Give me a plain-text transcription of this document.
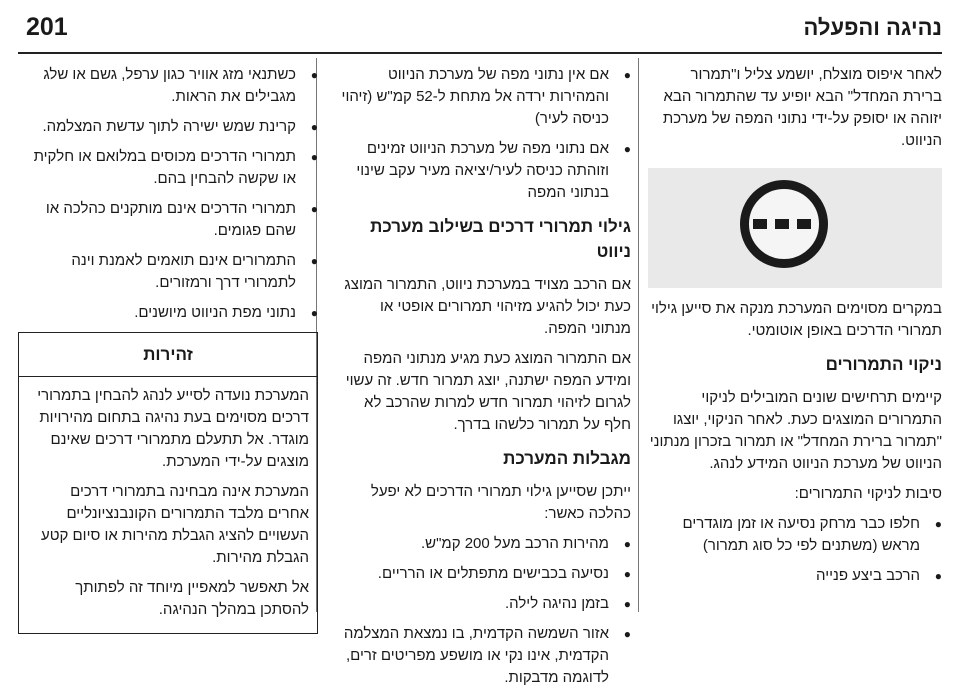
נהיגה והפעלה
201

לאחר איפוס מוצלח, יושמע צליל ו"תמרור ברירת המחדל" הבא יופיע עד שהתמרור הבא יזוהה או יסופק על-ידי נתוני המפה של מערכת הניווט.

במקרים מסוימים המערכת מנקה את סייען גילוי תמרורי הדרכים באופן אוטומטי.

ניקוי התמרורים

קיימים תרחישים שונים המובילים לניקוי התמרורים המוצגים כעת. לאחר הניקוי, יוצגו "תמרור ברירת המחדל" או תמרור בזכרון מנתוני הניווט של מערכת הניווט המידע לנהג.

סיבות לניקוי התמרורים:

● חלפו כבר מרחק נסיעה או זמן מוגדרים מראש (משתנים לפי כל סוג תמרור)
● הרכב ביצע פנייה
● אם אין נתוני מפה של מערכת הניווט והמהירות ירדה אל מתחת ל-52 קמ"ש (זיהוי כניסה לעיר)
● אם נתוני מפה של מערכת הניווט זמינים וזוהתה כניסה לעיר/יציאה מעיר עקב שינוי בנתוני המפה
גילוי תמרורי דרכים בשילוב מערכת ניווט

אם הרכב מצויד במערכת ניווט, התמרור המוצג כעת יכול להגיע מזיהוי תמרורים אופטי או מנתוני המפה.

אם התמרור המוצג כעת מגיע מנתוני המפה ומידע המפה ישתנה, יוצג תמרור חדש. זה עשוי לגרום לזיהוי תמרור חדש למרות שהרכב לא חלף על תמרור כלשהו בדרך.

מגבלות המערכת

ייתכן שסייען גילוי תמרורי הדרכים לא יפעל כהלכה כאשר:

● מהירות הרכב מעל 200 קמ"ש.
● נסיעה בכבישים מתפתלים או הרריים.
● בזמן נהיגה לילה.
● אזור השמשה הקדמית, בו נמצאת המצלמה הקדמית, אינו נקי או מושפע מפריטים זרים, לדוגמה מדבקות.
● כשתנאי מזג אוויר כגון ערפל, גשם או שלג מגבילים את הראות.
● קרינת שמש ישירה לתוך עדשת המצלמה.
● תמרורי הדרכים מכוסים במלואם או חלקית או שקשה להבחין בהם.
● תמרורי הדרכים אינם מותקנים כהלכה או שהם פגומים.
● התמרורים אינם תואמים לאמנת וינה לתמרורי דרך ורמזורים.
● נתוני מפת הניווט מיושנים.
זהירות

המערכת נועדה לסייע לנהג להבחין בתמרורי דרכים מסוימים בעת נהיגה בתחום מהירויות מוגדר. אל תתעלם מתמרורי דרכים שאינם מוצגים על-ידי המערכת.

המערכת אינה מבחינה בתמרורי דרכים אחרים מלבד התמרורים הקונבנציונליים העשויים להציג הגבלת מהירות או סיום קטע הגבלת מהירות.

אל תאפשר למאפיין מיוחד זה לפתותך להסתכן במהלך הנהיגה.
